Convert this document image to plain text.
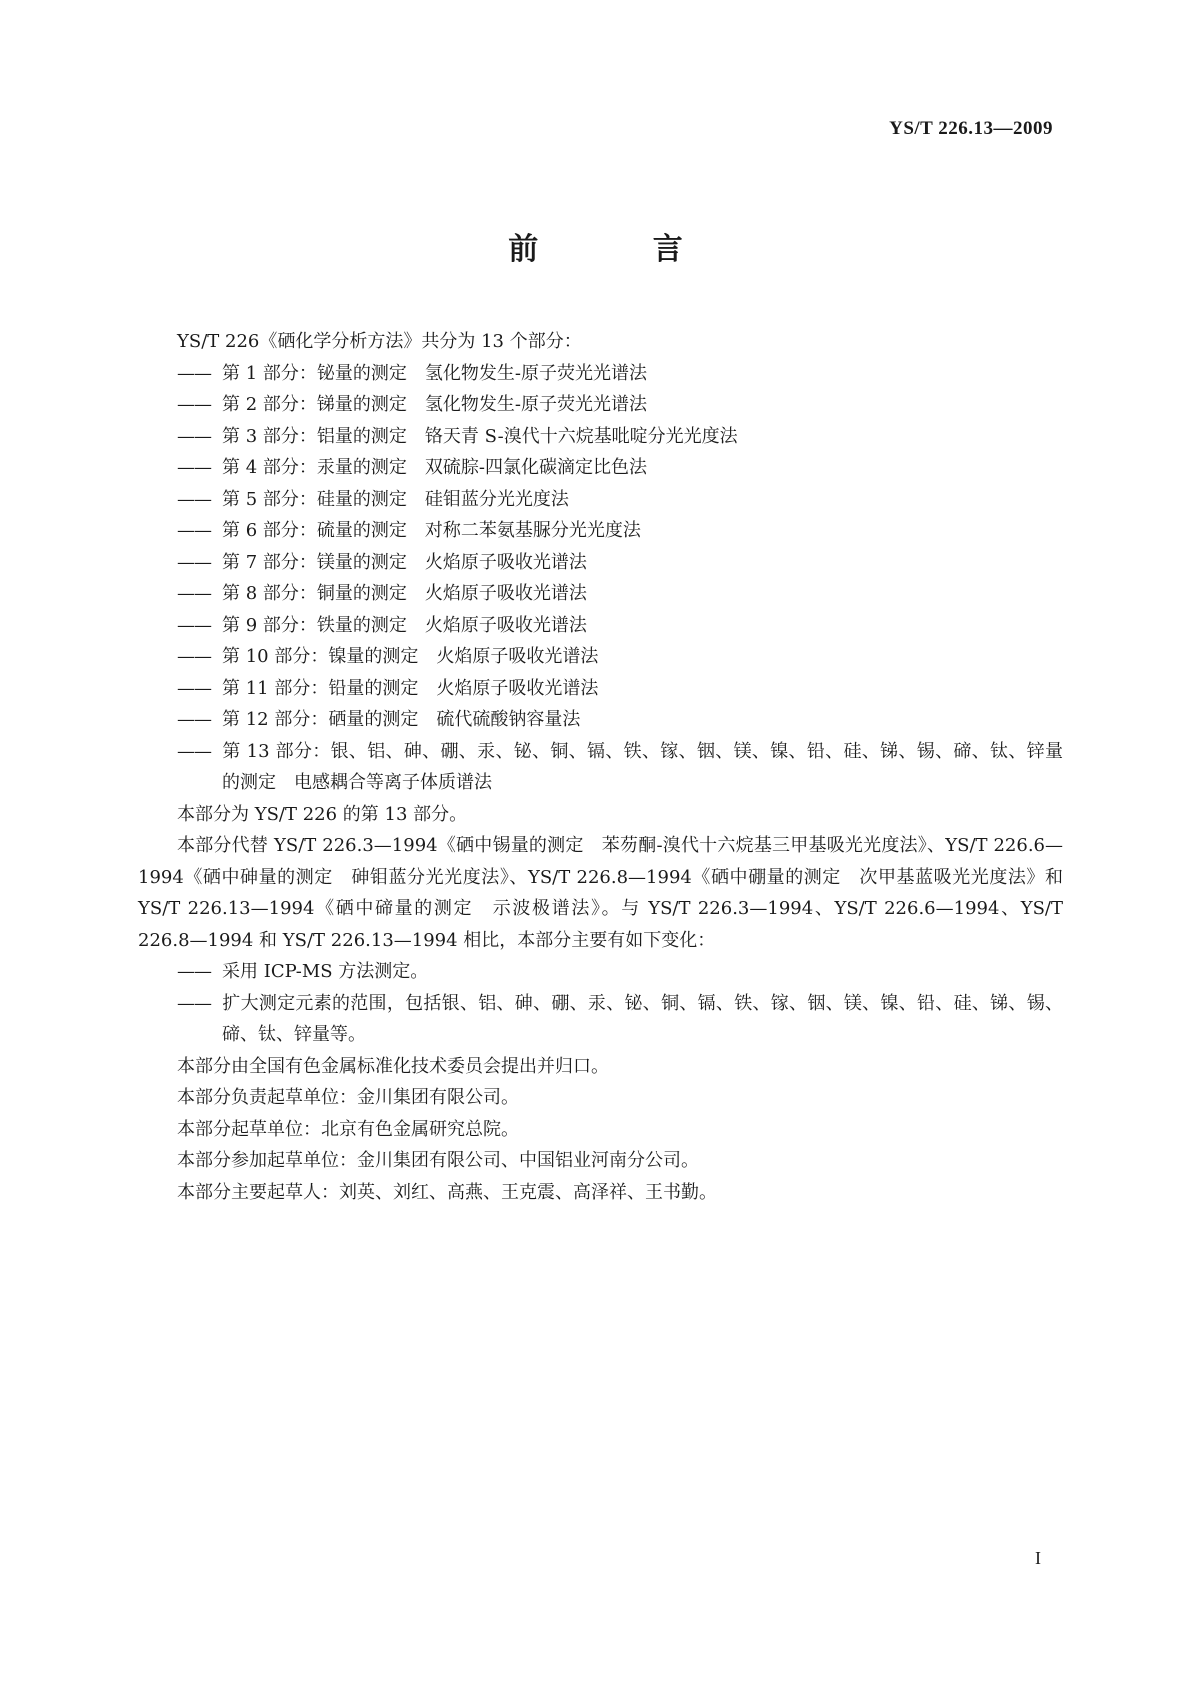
YS/T 226.13—2009
前 言

YS/T 226《硒化学分析方法》共分为 13 个部分：

—— 第 1 部分：铋量的测定　氢化物发生-原子荧光光谱法

—— 第 2 部分：锑量的测定　氢化物发生-原子荧光光谱法

—— 第 3 部分：铝量的测定　铬天青 S-溴代十六烷基吡啶分光光度法

—— 第 4 部分：汞量的测定　双硫腙-四氯化碳滴定比色法

—— 第 5 部分：硅量的测定　硅钼蓝分光光度法

—— 第 6 部分：硫量的测定　对称二苯氨基脲分光光度法

—— 第 7 部分：镁量的测定　火焰原子吸收光谱法

—— 第 8 部分：铜量的测定　火焰原子吸收光谱法

—— 第 9 部分：铁量的测定　火焰原子吸收光谱法

—— 第 10 部分：镍量的测定　火焰原子吸收光谱法

—— 第 11 部分：铅量的测定　火焰原子吸收光谱法

—— 第 12 部分：硒量的测定　硫代硫酸钠容量法

—— 第 13 部分：银、铝、砷、硼、汞、铋、铜、镉、铁、镓、铟、镁、镍、铅、硅、锑、锡、碲、钛、锌量的测定　电感耦合等离子体质谱法

本部分为 YS/T 226 的第 13 部分。

本部分代替 YS/T 226.3—1994《硒中锡量的测定　苯芴酮-溴代十六烷基三甲基吸光光度法》、YS/T 226.6—1994《硒中砷量的测定　砷钼蓝分光光度法》、YS/T 226.8—1994《硒中硼量的测定　次甲基蓝吸光光度法》和 YS/T 226.13—1994《硒中碲量的测定　示波极谱法》。与 YS/T 226.3—1994、YS/T 226.6—1994、YS/T 226.8—1994 和 YS/T 226.13—1994 相比，本部分主要有如下变化：

—— 采用 ICP-MS 方法测定。

—— 扩大测定元素的范围，包括银、铝、砷、硼、汞、铋、铜、镉、铁、镓、铟、镁、镍、铅、硅、锑、锡、碲、钛、锌量等。

本部分由全国有色金属标准化技术委员会提出并归口。

本部分负责起草单位：金川集团有限公司。

本部分起草单位：北京有色金属研究总院。

本部分参加起草单位：金川集团有限公司、中国铝业河南分公司。

本部分主要起草人：刘英、刘红、高燕、王克震、高泽祥、王书勤。

I
